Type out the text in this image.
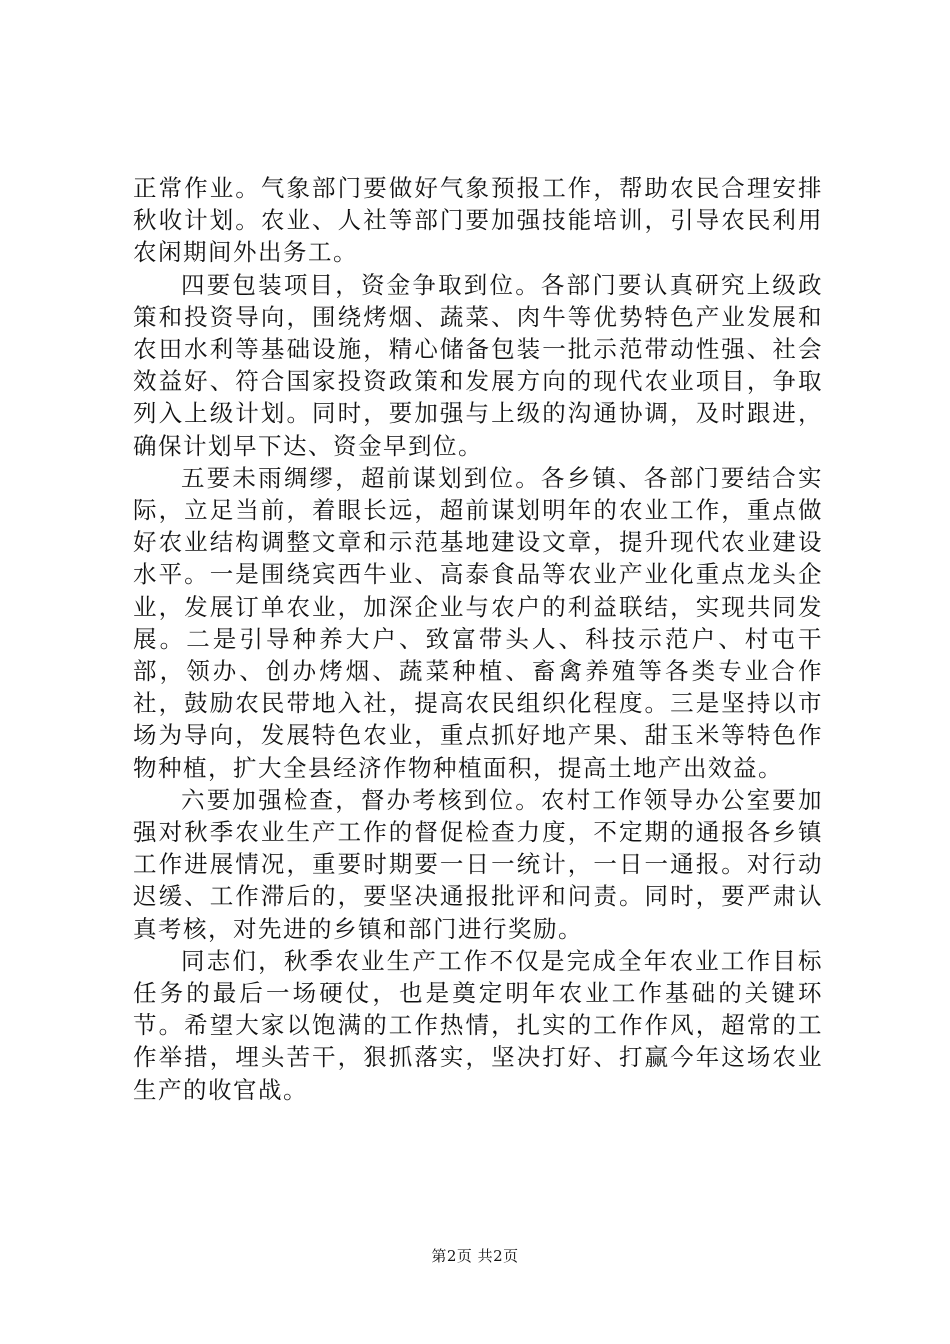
正常作业。气象部门要做好气象预报工作，帮助农民合理安排秋收计划。农业、人社等部门要加强技能培训，引导农民利用农闲期间外出务工。

四要包装项目，资金争取到位。各部门要认真研究上级政策和投资导向，围绕烤烟、蔬菜、肉牛等优势特色产业发展和农田水利等基础设施，精心储备包装一批示范带动性强、社会效益好、符合国家投资政策和发展方向的现代农业项目，争取列入上级计划。同时，要加强与上级的沟通协调，及时跟进，确保计划早下达、资金早到位。

五要未雨绸缪，超前谋划到位。各乡镇、各部门要结合实际，立足当前，着眼长远，超前谋划明年的农业工作，重点做好农业结构调整文章和示范基地建设文章，提升现代农业建设水平。一是围绕宾西牛业、高泰食品等农业产业化重点龙头企业，发展订单农业，加深企业与农户的利益联结，实现共同发展。二是引导种养大户、致富带头人、科技示范户、村屯干部，领办、创办烤烟、蔬菜种植、畜禽养殖等各类专业合作社，鼓励农民带地入社，提高农民组织化程度。三是坚持以市场为导向，发展特色农业，重点抓好地产果、甜玉米等特色作物种植，扩大全县经济作物种植面积，提高土地产出效益。

六要加强检查，督办考核到位。农村工作领导办公室要加强对秋季农业生产工作的督促检查力度，不定期的通报各乡镇工作进展情况，重要时期要一日一统计，一日一通报。对行动迟缓、工作滞后的，要坚决通报批评和问责。同时，要严肃认真考核，对先进的乡镇和部门进行奖励。

同志们，秋季农业生产工作不仅是完成全年农业工作目标任务的最后一场硬仗，也是奠定明年农业工作基础的关键环节。希望大家以饱满的工作热情，扎实的工作作风，超常的工作举措，埋头苦干，狠抓落实，坚决打好、打赢今年这场农业生产的收官战。

第2页 共2页
